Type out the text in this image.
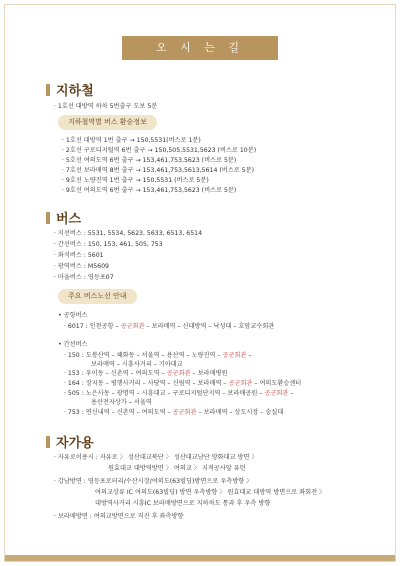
오 시 는 길
지하철
· 1호선 대방역 하차 5번출구 도보 5분
지하철역별 버스 환승정보
· 1호선 대방역 1번 출구 → 150,5531(버스로 1분)
· 2호선 구로디지털역 6번 출구 → 150,505,5531,5623 (버스로 10분)
· 5호선 여의도역 6번 출구 → 153,461,753,5623 (버스로 5분)
· 7호선 보라매역 8번 출구 → 153,461,753,5613,5614 (버스로 5분)
· 9호선 노량진역 1번 출구 → 150,5531 (버스로 5분)
· 9호선 여의도역 6번 출구 → 153,461,753,5623 (버스로 5분)
버스
· 지선버스 : 5531, 5534, 5623, 5633, 6513, 6514
· 간선버스 : 150, 153, 461, 505, 753
· 좌석버스 : 5601
· 광역버스 : M5609
· 마을버스 : 영등포07
주요 버스노선 안내
• 공항버스
· 6017 : 인천공항 – 공군회관 – 보라매역 – 신대방역 – 낙성대 – 호암교수회관
• 간선버스
· 150 : 도봉산역 – 혜화동 – 서울역 – 용산역 – 노량진역 – 공군회관 –
보라매역 – 시흥사거리 – 기아대교
· 153 : 우이동 – 신촌역 – 여의도역 – 공군회관 – 보라매병원
· 164 : 장지동 – 평행사거리 – 사당역 – 신림역 – 보라매역 – 공군회관 – 여의도환승센터
· 505 : 노은사동 – 광명역 – 시흥대교 – 구로디지털단지역 – 보라매공원 – 공군회관 –
용산전자상가 – 서울역
· 753 : 연신내역 – 신촌역 – 여의도역 – 공군회관 – 보라매역 – 상도시장 – 숭실대
자가용
· 자유로이용시 : 자유로 〉 성산대교북단 〉 성산대교남단 양화대교 방면 〉
원효대교 대방역방면 〉 여의교 〉 지적공사앞 유턴
· 강남방면 : 영등포로터리/수산시장/여의도(63빌딩)방면으로 우측방향 〉
여의교상류 IC 여의도(63빌딩) 방면 우측방향 〉 원효대교 대방역 방면으로 좌회전 〉
대방역사거리 시흥IC 보라매방면으로 지하차도 통과 후 우측 방향
· 보라매방면 : 여의교방면으로 직진 후 좌측방향
